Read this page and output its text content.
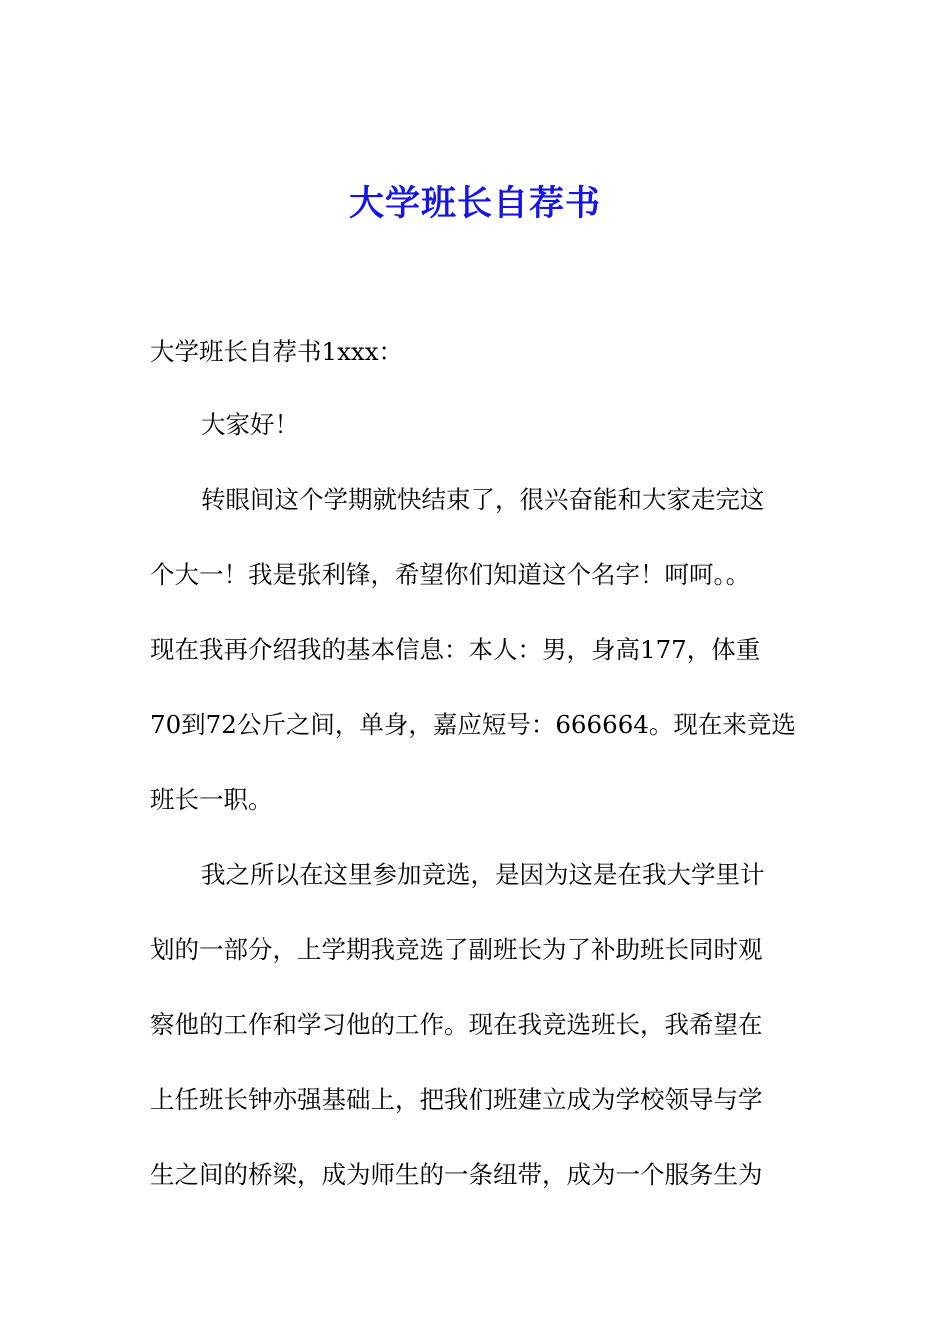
大学班长自荐书
大学班长自荐书1xxx：
大家好！
转眼间这个学期就快结束了，很兴奋能和大家走完这
个大一！我是张利锋，希望你们知道这个名字！呵呵。。
现在我再介绍我的基本信息：本人：男，身高177，体重
70到72公斤之间，单身，嘉应短号：666664。现在来竞选
班长一职。
我之所以在这里参加竞选，是因为这是在我大学里计
划的一部分，上学期我竞选了副班长为了补助班长同时观
察他的工作和学习他的工作。现在我竞选班长，我希望在
上任班长钟亦强基础上，把我们班建立成为学校领导与学
生之间的桥梁，成为师生的一条纽带，成为一个服务生为
